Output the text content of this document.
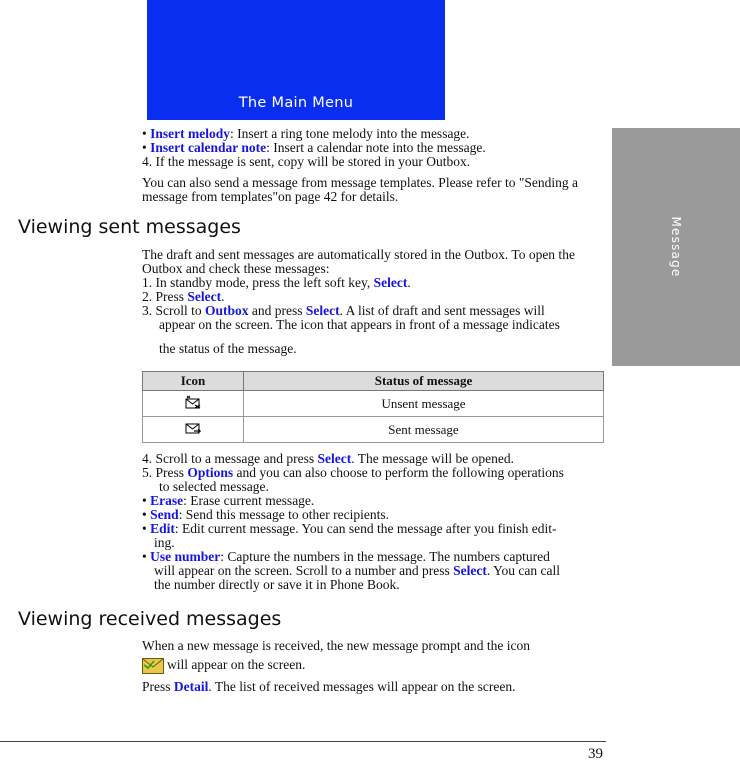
The Main Menu
Message
• Insert melody: Insert a ring tone melody into the message.
• Insert calendar note: Insert a calendar note into the message.
4. If the message is sent, copy will be stored in your Outbox.
You can also send a message from message templates. Please refer to "Sending a message from templates"on page 42 for details.
Viewing sent messages
The draft and sent messages are automatically stored in the Outbox. To open the Outbox and check these messages:
1. In standby mode, press the left soft key, Select.
2. Press Select.
3. Scroll to Outbox and press Select. A list of draft and sent messages will
appear on the screen. The icon that appears in front of a message indicates
the status of the message.
Icon	Status of message
	Unsent message
	Sent message
4. Scroll to a message and press Select. The message will be opened.
5. Press Options and you can also choose to perform the following operations
to selected message.
• Erase: Erase current message.
• Send: Send this message to other recipients.
• Edit: Edit current message. You can send the message after you finish edit-
ing.
• Use number: Capture the numbers in the message. The numbers captured
will appear on the screen. Scroll to a number and press Select. You can call
the number directly or save it in Phone Book.
Viewing received messages
When a new message is received, the new message prompt and the icon
will appear on the screen.
Press Detail. The list of received messages will appear on the screen.
39
